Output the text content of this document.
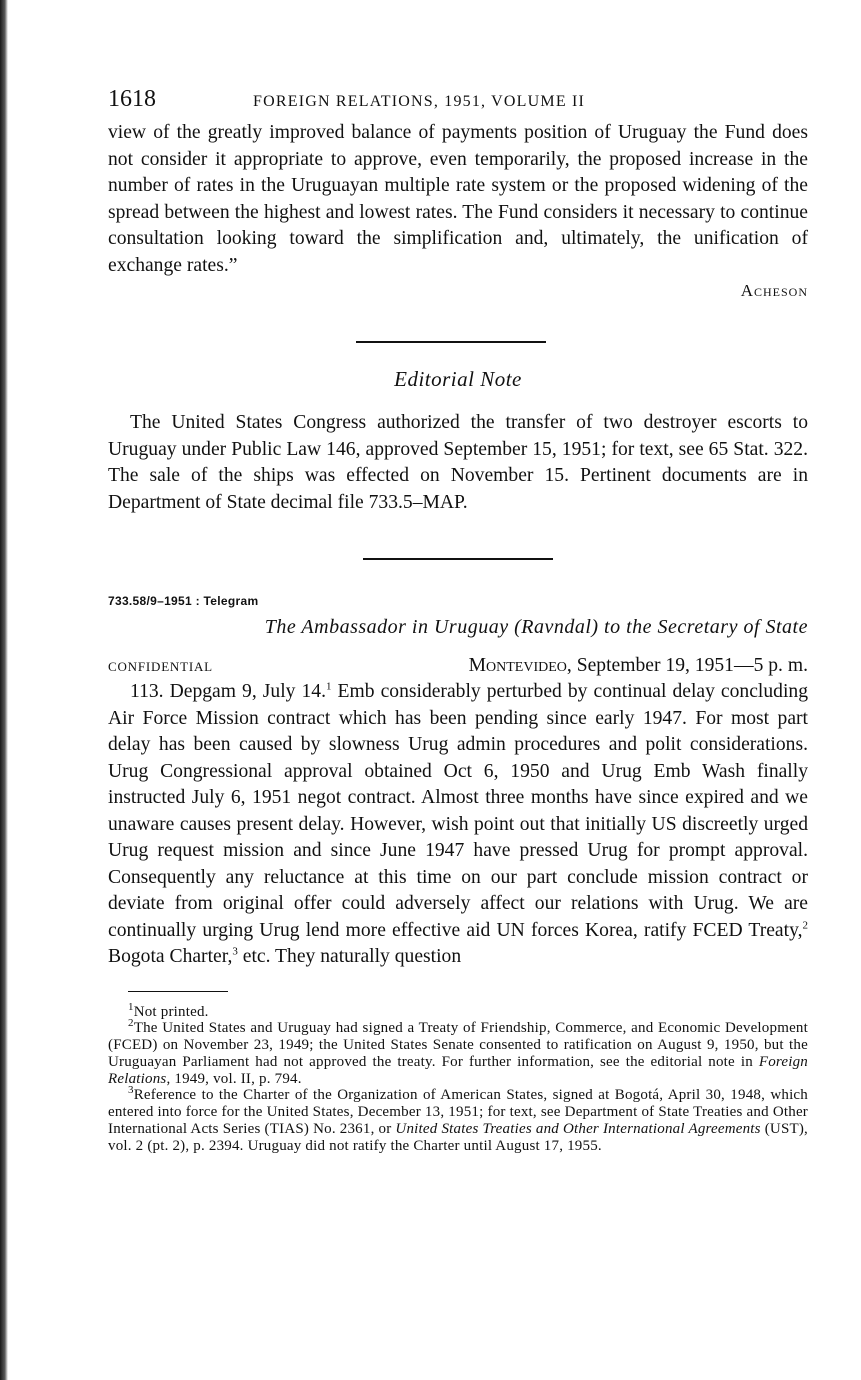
1618	FOREIGN RELATIONS, 1951, VOLUME II

view of the greatly improved balance of payments position of Uruguay the Fund does not consider it appropriate to approve, even temporarily, the proposed increase in the number of rates in the Uruguayan multiple rate system or the proposed widening of the spread between the highest and lowest rates. The Fund considers it necessary to continue consultation looking toward the simplification and, ultimately, the unification of exchange rates.”

Acheson
Editorial Note

The United States Congress authorized the transfer of two destroyer escorts to Uruguay under Public Law 146, approved September 15, 1951; for text, see 65 Stat. 322. The sale of the ships was effected on November 15. Pertinent documents are in Department of State decimal file 733.5–MAP.

733.58/9–1951 : Telegram
The Ambassador in Uruguay (Ravndal) to the Secretary of State
CONFIDENTIAL	Montevideo, September 19, 1951—5 p. m.

113. Depgam 9, July 14.$^1$ Emb considerably perturbed by continual delay concluding Air Force Mission contract which has been pending since early 1947. For most part delay has been caused by slowness Urug admin procedures and polit considerations. Urug Congressional approval obtained Oct 6, 1950 and Urug Emb Wash finally instructed July 6, 1951 negot contract. Almost three months have since expired and we unaware causes present delay. However, wish point out that initially US discreetly urged Urug request mission and since June 1947 have pressed Urug for prompt approval. Consequently any reluctance at this time on our part conclude mission contract or deviate from original offer could adversely affect our relations with Urug. We are continually urging Urug lend more effective aid UN forces Korea, ratify FCED Treaty,$^2$ Bogota Charter,$^3$ etc. They naturally question

$^1$Not printed.

$^2$The United States and Uruguay had signed a Treaty of Friendship, Commerce, and Economic Development (FCED) on November 23, 1949; the United States Senate consented to ratification on August 9, 1950, but the Uruguayan Parliament had not approved the treaty. For further information, see the editorial note in Foreign Relations, 1949, vol. II, p. 794.

$^3$Reference to the Charter of the Organization of American States, signed at Bogotá, April 30, 1948, which entered into force for the United States, December 13, 1951; for text, see Department of State Treaties and Other International Acts Series (TIAS) No. 2361, or United States Treaties and Other International Agreements (UST), vol. 2 (pt. 2), p. 2394. Uruguay did not ratify the Charter until August 17, 1955.
